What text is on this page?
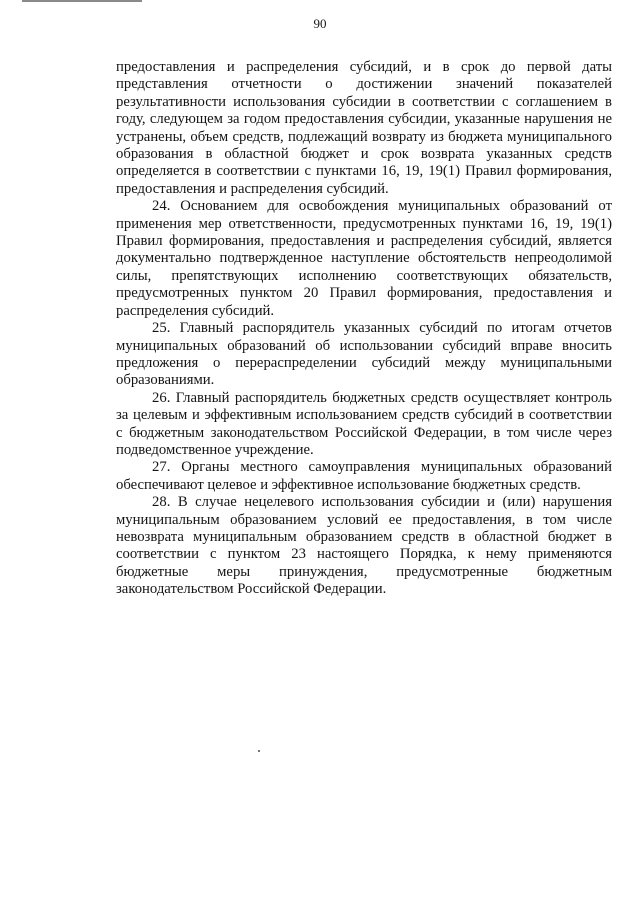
90

предоставления и распределения субсидий, и в срок до первой даты представления отчетности о достижении значений показателей результативности использования субсидии в соответствии с соглашением в году, следующем за годом предоставления субсидии, указанные нарушения не устранены, объем средств, подлежащий возврату из бюджета муниципального образования в областной бюджет и срок возврата указанных средств определяется в соответствии с пунктами 16, 19, 19(1) Правил формирования, предоставления и распределения субсидий.

24. Основанием для освобождения муниципальных образований от применения мер ответственности, предусмотренных пунктами 16, 19, 19(1) Правил формирования, предоставления и распределения субсидий, является документально подтвержденное наступление обстоятельств непреодолимой силы, препятствующих исполнению соответствующих обязательств, предусмотренных пунктом 20 Правил формирования, предоставления и распределения субсидий.

25. Главный распорядитель указанных субсидий по итогам отчетов муниципальных образований об использовании субсидий вправе вносить предложения о перераспределении субсидий между муниципальными образованиями.

26. Главный распорядитель бюджетных средств осуществляет контроль за целевым и эффективным использованием средств субсидий в соответствии с бюджетным законодательством Российской Федерации, в том числе через подведомственное учреждение.

27. Органы местного самоуправления муниципальных образований обеспечивают целевое и эффективное использование бюджетных средств.

28. В случае нецелевого использования субсидии и (или) нарушения муниципальным образованием условий ее предоставления, в том числе невозврата муниципальным образованием средств в областной бюджет в соответствии с пунктом 23 настоящего Порядка, к нему применяются бюджетные меры принуждения, предусмотренные бюджетным законодательством Российской Федерации.
